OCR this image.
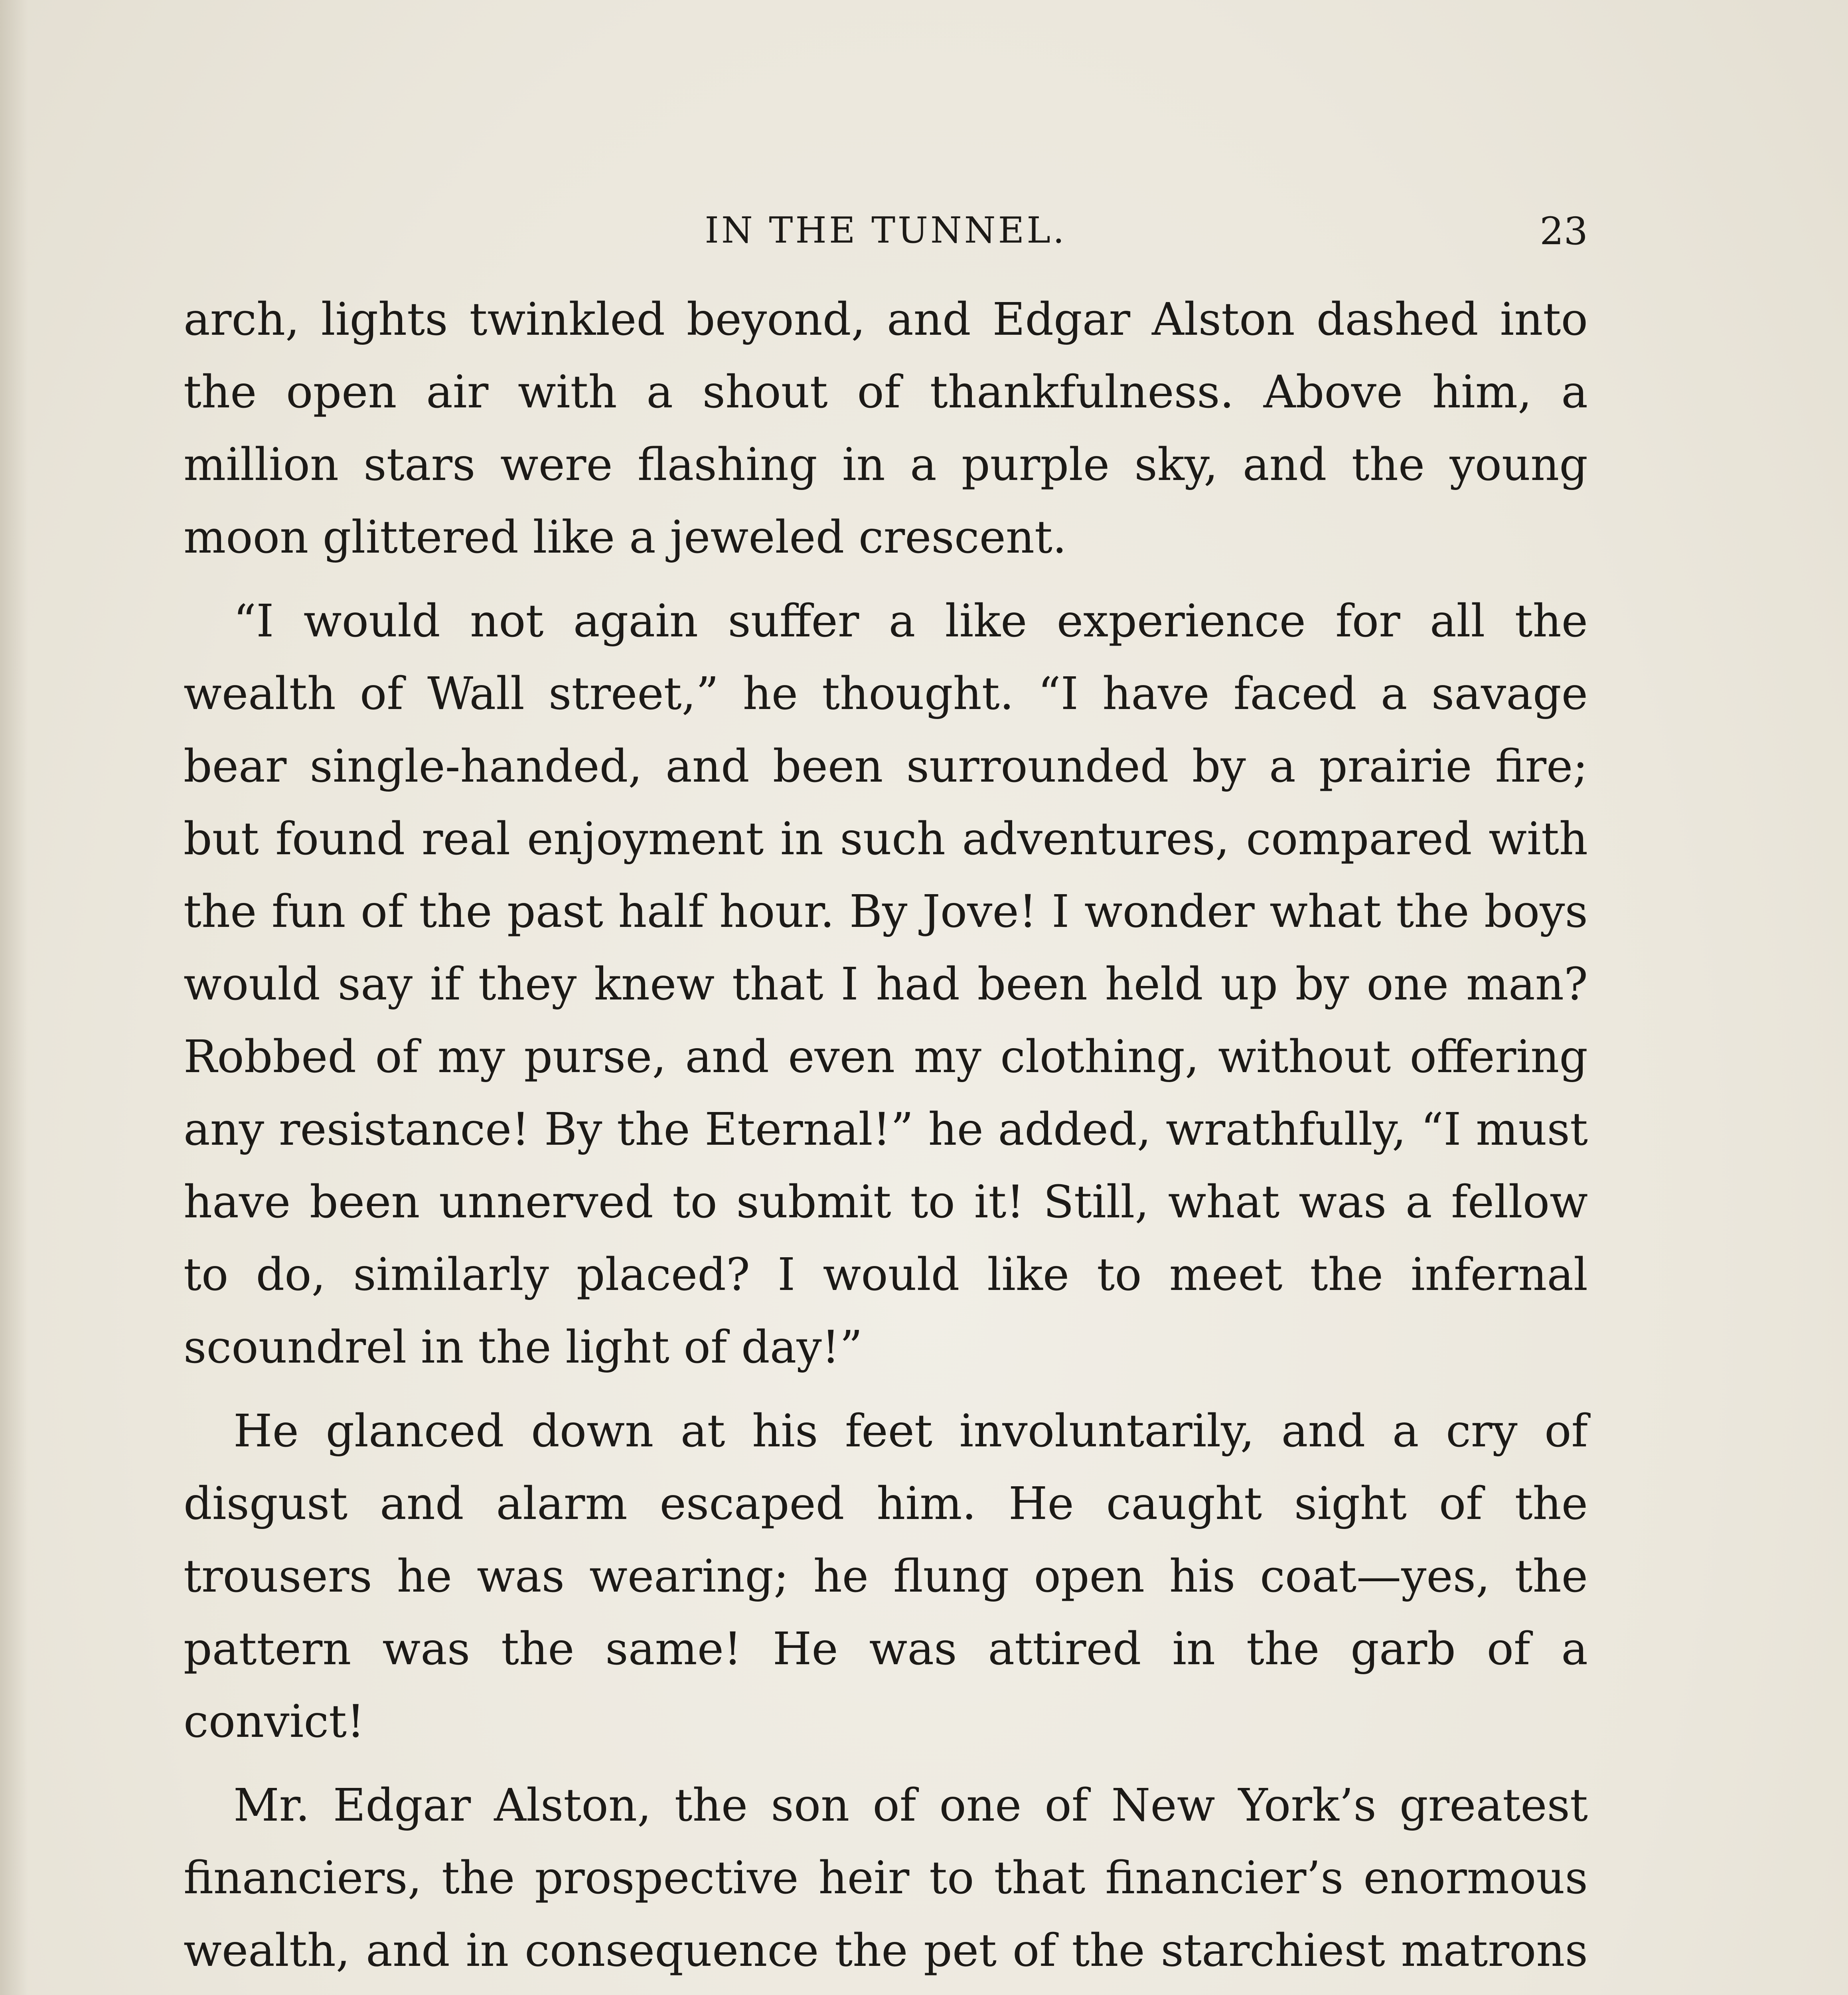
IN THE TUNNEL.	23

arch, lights twinkled beyond, and Edgar Alston dashed into the open air with a shout of thankfulness. Above him, a million stars were flashing in a purple sky, and the young moon glittered like a jeweled crescent.

“I would not again suffer a like experience for all the wealth of Wall street,” he thought. “I have faced a savage bear single-handed, and been surrounded by a prairie fire; but found real enjoyment in such adventures, compared with the fun of the past half hour. By Jove! I wonder what the boys would say if they knew that I had been held up by one man? Robbed of my purse, and even my clothing, without offering any resistance! By the Eternal!” he added, wrathfully, “I must have been unnerved to submit to it! Still, what was a fellow to do, similarly placed? I would like to meet the infernal scoundrel in the light of day!”

He glanced down at his feet involuntarily, and a cry of disgust and alarm escaped him. He caught sight of the trousers he was wearing; he flung open his coat—yes, the pattern was the same! He was attired in the garb of a convict!

Mr. Edgar Alston, the son of one of New York’s greatest financiers, the prospective heir to that financier’s enormous wealth, and in consequence the pet of the starchiest matrons
